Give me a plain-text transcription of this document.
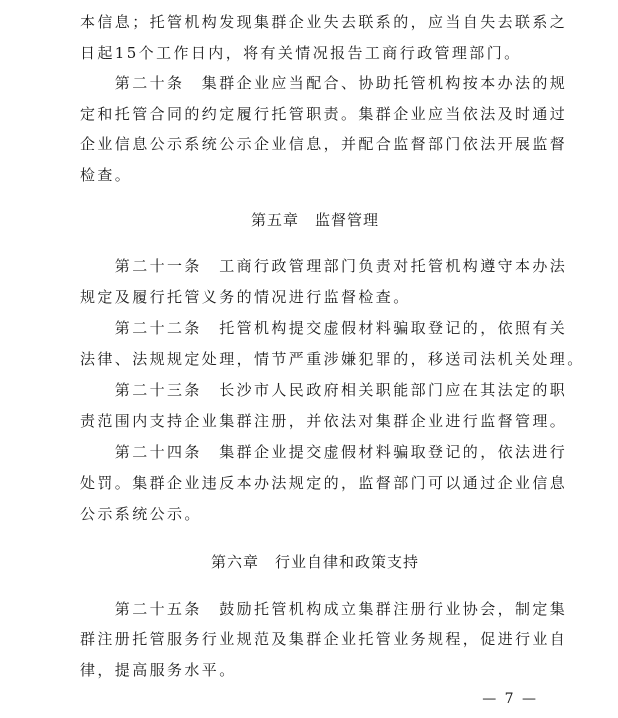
本信息；托管机构发现集群企业失去联系的，应当自失去联系之
日起15个工作日内，将有关情况报告工商行政管理部门。
　　第二十条　集群企业应当配合、协助托管机构按本办法的规
定和托管合同的约定履行托管职责。集群企业应当依法及时通过
企业信息公示系统公示企业信息，并配合监督部门依法开展监督
检查。
第五章　监督管理
　　第二十一条　工商行政管理部门负责对托管机构遵守本办法
规定及履行托管义务的情况进行监督检查。
　　第二十二条　托管机构提交虚假材料骗取登记的，依照有关
法律、法规规定处理，情节严重涉嫌犯罪的，移送司法机关处理。
　　第二十三条　长沙市人民政府相关职能部门应在其法定的职
责范围内支持企业集群注册，并依法对集群企业进行监督管理。
　　第二十四条　集群企业提交虚假材料骗取登记的，依法进行
处罚。集群企业违反本办法规定的，监督部门可以通过企业信息
公示系统公示。
第六章　行业自律和政策支持
　　第二十五条　鼓励托管机构成立集群注册行业协会，制定集
群注册托管服务行业规范及集群企业托管业务规程，促进行业自
律，提高服务水平。
— 7 —
